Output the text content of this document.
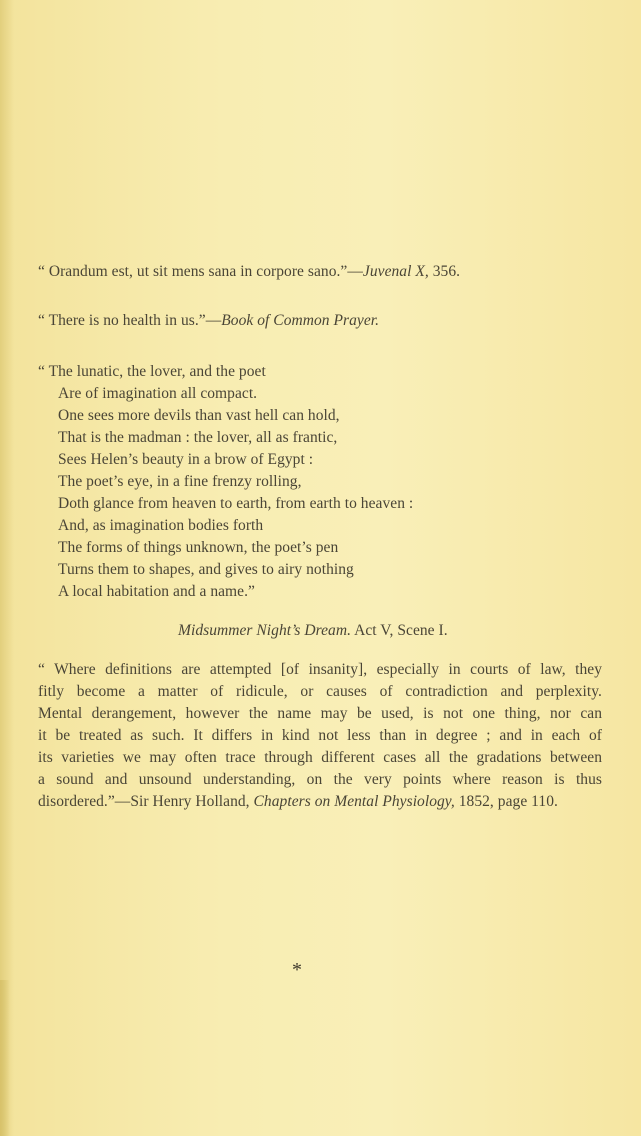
“ Orandum est, ut sit mens sana in corpore sano.”—Juvenal X, 356.
“ There is no health in us.”—Book of Common Prayer.
“ The lunatic, the lover, and the poet
Are of imagination all compact.
One sees more devils than vast hell can hold,
That is the madman : the lover, all as frantic,
Sees Helen’s beauty in a brow of Egypt :
The poet’s eye, in a fine frenzy rolling,
Doth glance from heaven to earth, from earth to heaven :
And, as imagination bodies forth
The forms of things unknown, the poet’s pen
Turns them to shapes, and gives to airy nothing
A local habitation and a name.”
Midsummer Night’s Dream. Act V, Scene I.
“ Where definitions are attempted [of insanity], especially in courts of law, they
fitly become a matter of ridicule, or causes of contradiction and perplexity.
Mental derangement, however the name may be used, is not one thing, nor can
it be treated as such. It differs in kind not less than in degree ; and in each of
its varieties we may often trace through different cases all the gradations between
a sound and unsound understanding, on the very points where reason is thus
disordered.”—Sir Henry Holland, Chapters on Mental Physiology, 1852, page 110.
*
